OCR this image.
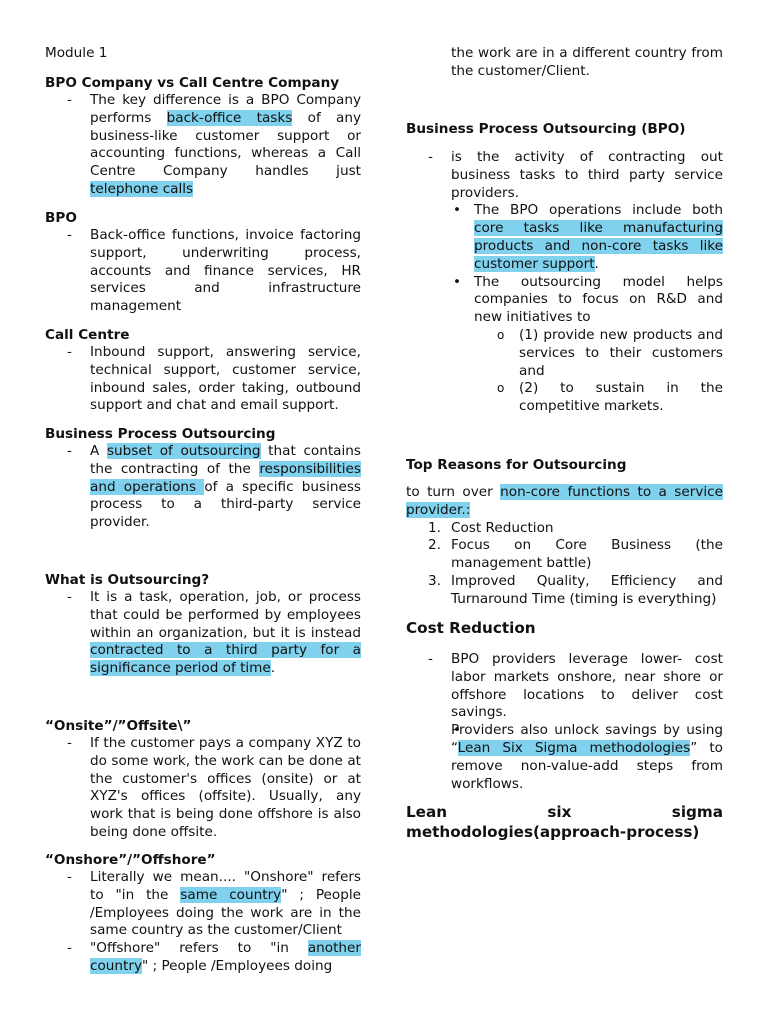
Module 1

BPO Company vs Call Centre Company

- The key difference is a BPO Company performs back-office tasks of any business-like customer support or accounting functions, whereas a Call Centre Company handles just telephone calls

BPO

- Back-office functions, invoice factoring support, underwriting process, accounts and finance services, HR services and infrastructure management

Call Centre

- Inbound support, answering service, technical support, customer service, inbound sales, order taking, outbound support and chat and email support.

Business Process Outsourcing

- A subset of outsourcing that contains the contracting of the responsibilities and operations of a specific business process to a third-party service provider.

What is Outsourcing?

- It is a task, operation, job, or process that could be performed by employees within an organization, but it is instead contracted to a third party for a significance period of time.

“Onsite”/”Offsite\”

- If the customer pays a company XYZ to do some work, the work can be done at the customer's offices (onsite) or at XYZ's offices (offsite). Usually, any work that is being done offshore is also being done offsite.

“Onshore”/”Offshore”

- Literally we mean.... "Onshore" refers to "in the same country" ; People /Employees doing the work are in the same country as the customer/Client
- "Offshore" refers to "in another country" ; People /Employees doing
the work are in a different country from the customer/Client.

Business Process Outsourcing (BPO)

- is the activity of contracting out business tasks to third party service providers.
• The BPO operations include both core tasks like manufacturing products and non-core tasks like customer support.
• The outsourcing model helps companies to focus on R&D and new initiatives to
o (1) provide new products and services to their customers and
o (2) to sustain in the competitive markets.

Top Reasons for Outsourcing

to turn over non-core functions to a service provider.:
1. Cost Reduction
2. Focus on Core Business (the management battle)
3. Improved Quality, Efficiency and Turnaround Time (timing is everything)

Cost Reduction

- BPO providers leverage lower- cost labor markets onshore, near shore or offshore locations to deliver cost savings.
• Providers also unlock savings by using “Lean Six Sigma methodologies” to remove non-value-add steps from workflows.

Lean six sigma

methodologies(approach-process)
